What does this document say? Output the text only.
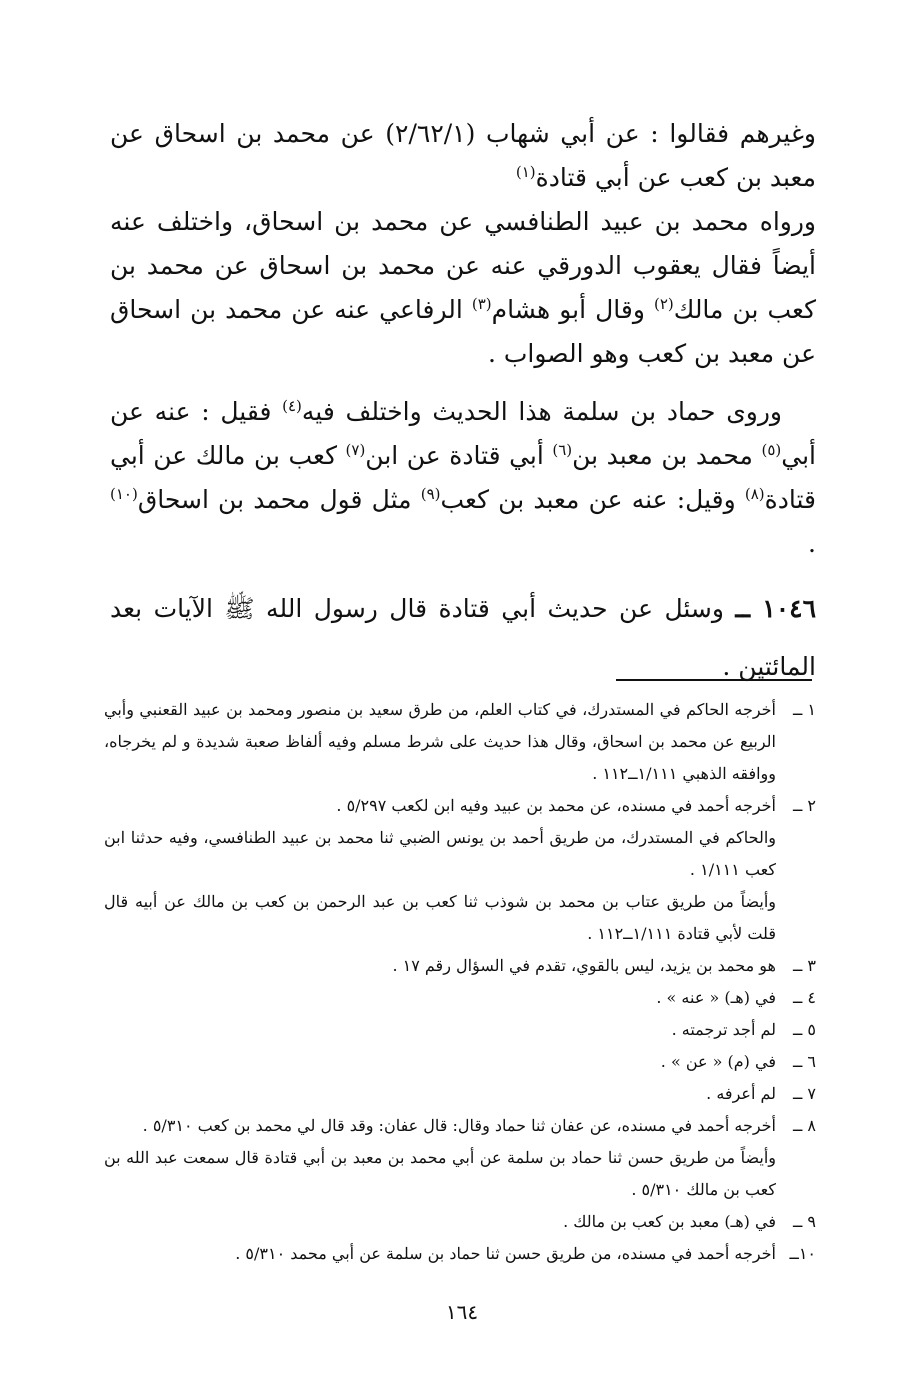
وغيرهم فقالوا : عن أبي شهاب (٢/٦٢/١) عن محمد بن اسحاق عن معبد بن كعب عن أبي قتادة$^{(١)}$

ورواه محمد بن عبيد الطنافسي عن محمد بن اسحاق، واختلف عنه أيضاً فقال يعقوب الدورقي عنه عن محمد بن اسحاق عن محمد بن كعب بن مالك$^{(٢)}$ وقال أبو هشام$^{(٣)}$ الرفاعي عنه عن محمد بن اسحاق عن معبد بن كعب وهو الصواب .

وروى حماد بن سلمة هذا الحديث واختلف فيه$^{(٤)}$ فقيل : عنه عن أبي$^{(٥)}$ محمد بن معبد بن$^{(٦)}$ أبي قتادة عن ابن$^{(٧)}$ كعب بن مالك عن أبي قتادة$^{(٨)}$ وقيل: عنه عن معبد بن كعب$^{(٩)}$ مثل قول محمد بن اسحاق$^{(١٠)}$ .

١٠٤٦ ــ وسئل عن حديث أبي قتادة قال رسول الله ﷺ الآيات بعد المائتين .

١ ــ
أخرجه الحاكم في المستدرك، في كتاب العلم، من طرق سعيد بن منصور ومحمد بن عبيد القعنبي وأبي الربيع عن محمد بن اسحاق، وقال هذا حديث على شرط مسلم وفيه ألفاظ صعبة شديدة و لم يخرجاه، ووافقه الذهبي ١/١١١ــ١١٢ .
٢ ــ
أخرجه أحمد في مسنده، عن محمد بن عبيد وفيه ابن لكعب ٥/٢٩٧ .
والحاكم في المستدرك، من طريق أحمد بن يونس الضبي ثنا محمد بن عبيد الطنافسي، وفيه حدثنا ابن كعب ١/١١١ .
وأيضاً من طريق عتاب بن محمد بن شوذب ثنا كعب بن عبد الرحمن بن كعب بن مالك عن أبيه قال قلت لأبي قتادة ١/١١١ــ١١٢ .
٣ ــ
هو محمد بن يزيد، ليس بالقوي، تقدم في السؤال رقم ١٧ .
٤ ــ
في (هـ) « عنه » .
٥ ــ
لم أجد ترجمته .
٦ ــ
في (م) « عن » .
٧ ــ
لم أعرفه .
٨ ــ
أخرجه أحمد في مسنده، عن عفان ثنا حماد وقال: قال عفان: وقد قال لي محمد بن كعب ٥/٣١٠ .
وأيضاً من طريق حسن ثنا حماد بن سلمة عن أبي محمد بن معبد بن أبي قتادة قال سمعت عبد الله بن كعب بن مالك ٥/٣١٠ .
٩ ــ
في (هـ) معبد بن كعب بن مالك .
١٠ــ
أخرجه أحمد في مسنده، من طريق حسن ثنا حماد بن سلمة عن أبي محمد ٥/٣١٠ .
١٦٤
